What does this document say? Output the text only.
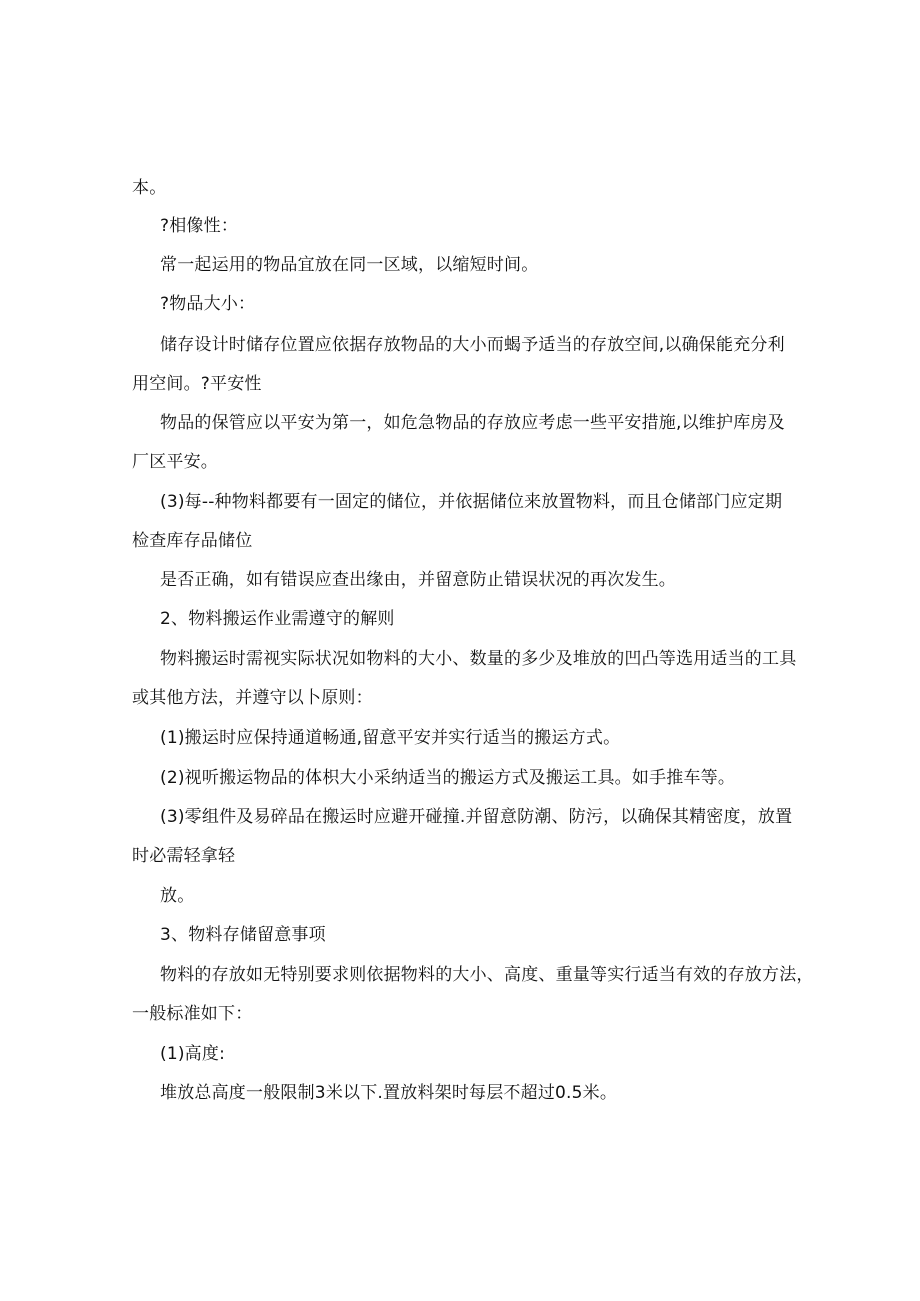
本。
?相像性：
常一起运用的物品宜放在同一区域，以缩短时间。
?物品大小：
储存设计时储存位置应依据存放物品的大小而蝎予适当的存放空间,以确保能充分利
用空间。?平安性
物品的保管应以平安为第一，如危急物品的存放应考虑一些平安措施,以维护库房及
厂区平安。
(3)每--种物料都要有一固定的储位，并依据储位来放置物料，而且仓储部门应定期
检查库存品储位
是否正确，如有错误应查出缘由，并留意防止错误状况的再次发生。
2、物料搬运作业需遵守的解则
物料搬运时需视实际状况如物料的大小、数量的多少及堆放的凹凸等选用适当的工具
或其他方法，并遵守以卜原则：
(1)搬运时应保持通道畅通,留意平安并实行适当的搬运方式。
(2)视听搬运物品的体枳大小采纳适当的搬运方式及搬运工具。如手推车等。
(3)零组件及易碎品在搬运时应避开碰撞.并留意防潮、防污，以确保其精密度，放置
时必需轻拿轻
放。
3、物料存储留意事项
物料的存放如无特别要求则依据物料的大小、高度、重量等实行适当有效的存放方法，
一般标准如下：
(1)高度:
堆放总高度一般限制3米以下.置放料架时每层不超过0.5米。
